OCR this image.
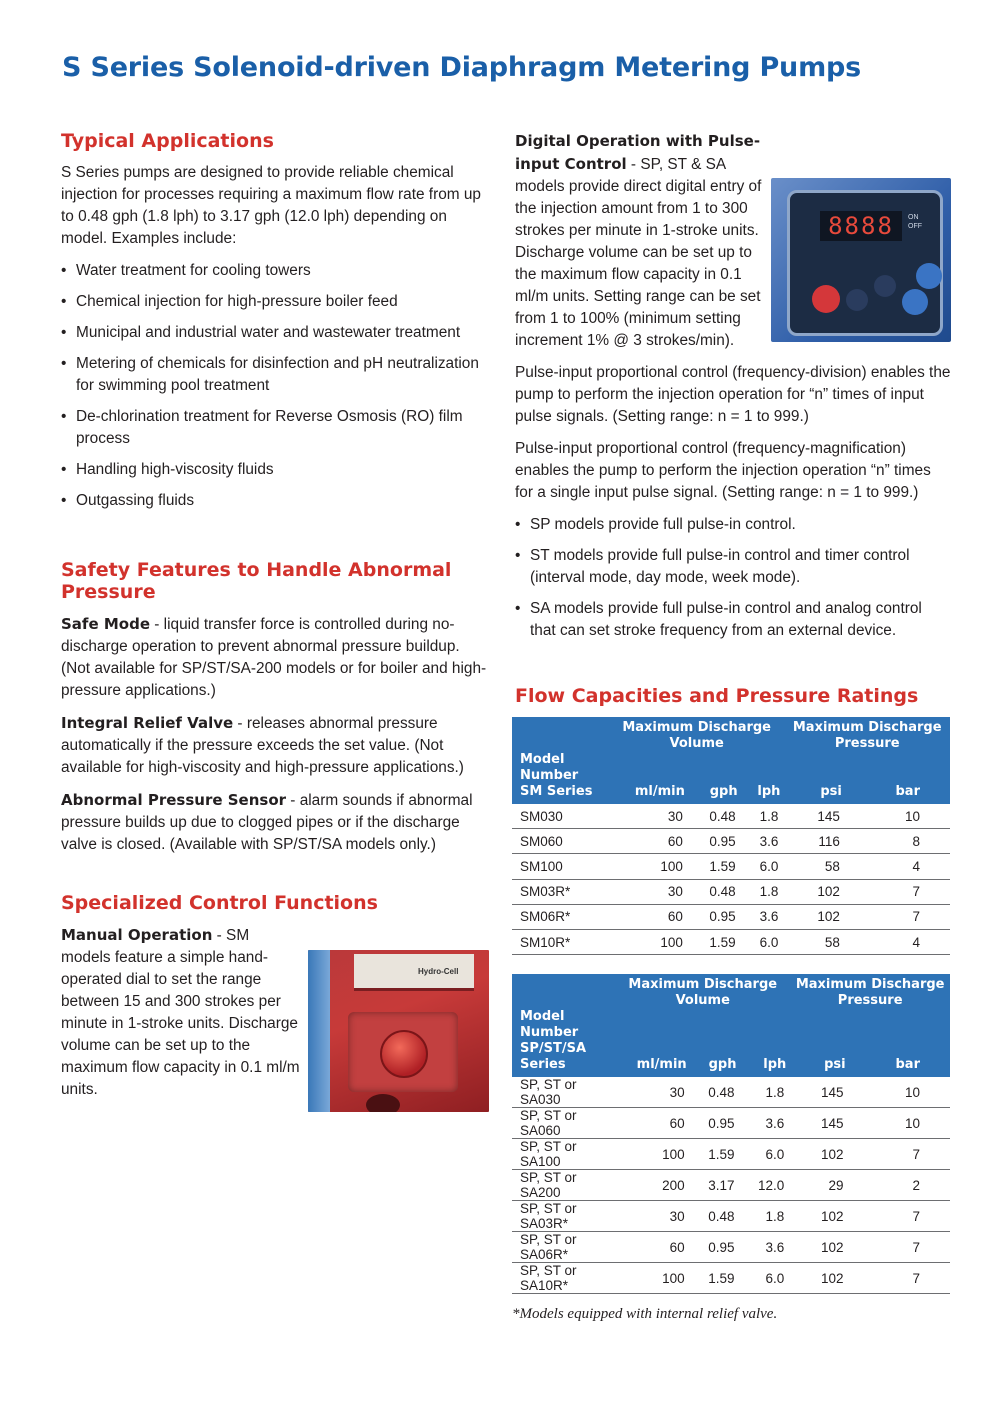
S Series Solenoid-driven Diaphragm Metering Pumps
Typical Applications

S Series pumps are designed to provide reliable chemical injection for processes requiring a maximum flow rate from up to 0.48 gph (1.8 lph) to 3.17 gph (12.0 lph) depending on model. Examples include:

• Water treatment for cooling towers
• Chemical injection for high-pressure boiler feed
• Municipal and industrial water and wastewater treatment
• Metering of chemicals for disinfection and pH neutralization for swimming pool treatment
• De-chlorination treatment for Reverse Osmosis (RO) film process
• Handling high-viscosity fluids
• Outgassing fluids
Safety Features to Handle Abnormal Pressure

Safe Mode - liquid transfer force is controlled during no-discharge operation to prevent abnormal pressure buildup. (Not available for SP/ST/SA-200 models or for boiler and high-pressure applications.)

Integral Relief Valve - releases abnormal pressure automatically if the pressure exceeds the set value. (Not available for high-viscosity and high-pressure applications.)

Abnormal Pressure Sensor - alarm sounds if abnormal pressure builds up due to clogged pipes or if the discharge valve is closed. (Available with SP/ST/SA models only.)

Specialized Control Functions
Hydro-Cell

Manual Operation - SM models feature a simple hand-operated dial to set the range between 15 and 300 strokes per minute in 1-stroke units. Discharge volume can be set up to the maximum flow capacity in 0.1 ml/m units.

8888	ON
OFF

Digital Operation with Pulse-input Control - SP, ST & SA models provide direct digital entry of the injection amount from 1 to 300 strokes per minute in 1-stroke units. Discharge volume can be set up to the maximum flow capacity in 0.1 ml/m units. Setting range can be set from 1 to 100% (minimum setting increment 1% @ 3 strokes/min).

Pulse-input proportional control (frequency-division) enables the pump to perform the injection operation for “n” times of input pulse signals. (Setting range: n = 1 to 999.)

Pulse-input proportional control (frequency-magnification) enables the pump to perform the injection operation “n” times for a single input pulse signal. (Setting range: n = 1 to 999.)

• SP models provide full pulse-in control.
• ST models provide full pulse-in control and timer control (interval mode, day mode, week mode).
• SA models provide full pulse-in control and analog control that can set stroke frequency from an external device.
Flow Capacities and Pressure Ratings
	Maximum Discharge Volume			Maximum Discharge Pressure	
Model Number
SM Series	ml/min	gph	lph	psi	bar
SM030	30	0.48	1.8	145	10
SM060	60	0.95	3.6	116	8
SM100	100	1.59	6.0	58	4
SM03R*	30	0.48	1.8	102	7
SM06R*	60	0.95	3.6	102	7
SM10R*	100	1.59	6.0	58	4
	Maximum Discharge Volume			Maximum Discharge Pressure	
Model Number
SP/ST/SA Series	ml/min	gph	lph	psi	bar
SP, ST or SA030	30	0.48	1.8	145	10
SP, ST or SA060	60	0.95	3.6	145	10
SP, ST or SA100	100	1.59	6.0	102	7
SP, ST or SA200	200	3.17	12.0	29	2
SP, ST or SA03R*	30	0.48	1.8	102	7
SP, ST or SA06R*	60	0.95	3.6	102	7
SP, ST or SA10R*	100	1.59	6.0	102	7
*Models equipped with internal relief valve.
